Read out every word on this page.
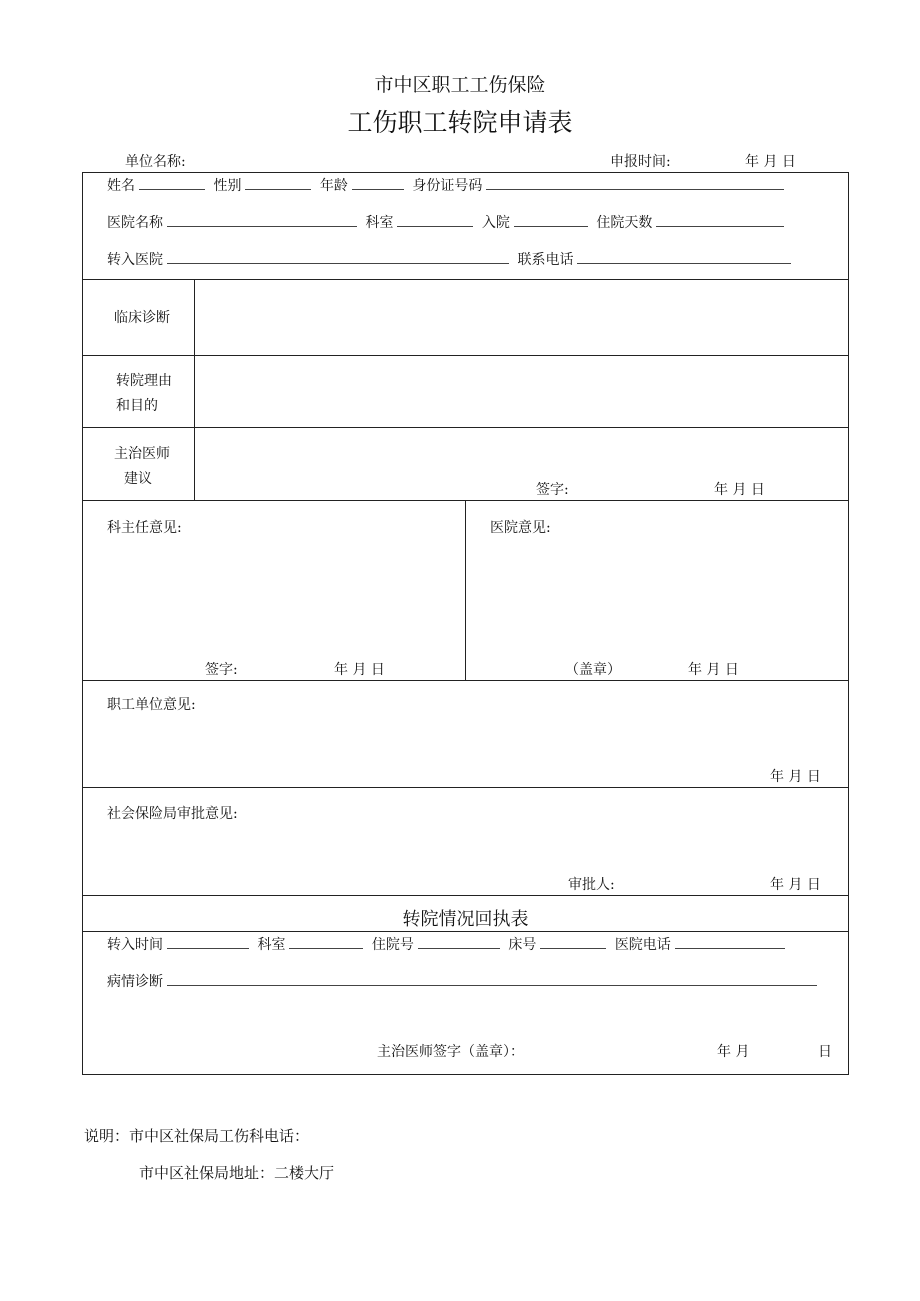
市中区职工工伤保险
工伤职工转院申请表
单位名称:	申报时间:	年 月 日
姓名	性别	年龄	身份证号码
医院名称	科室	入院	住院天数
转入医院	联系电话
临床诊断
转院理由
和目的
主治医师
建议
签字:	年 月 日
科主任意见:
签字:	年 月 日
医院意见:
（盖章）	年 月 日
职工单位意见:
年 月 日
社会保险局审批意见:
审批人:	年 月 日
转院情况回执表
转入时间	科室	住院号	床号	医院电话
病情诊断
主治医师签字（盖章）：	年 月	日
说明：市中区社保局工伤科电话：
市中区社保局地址：二楼大厅
